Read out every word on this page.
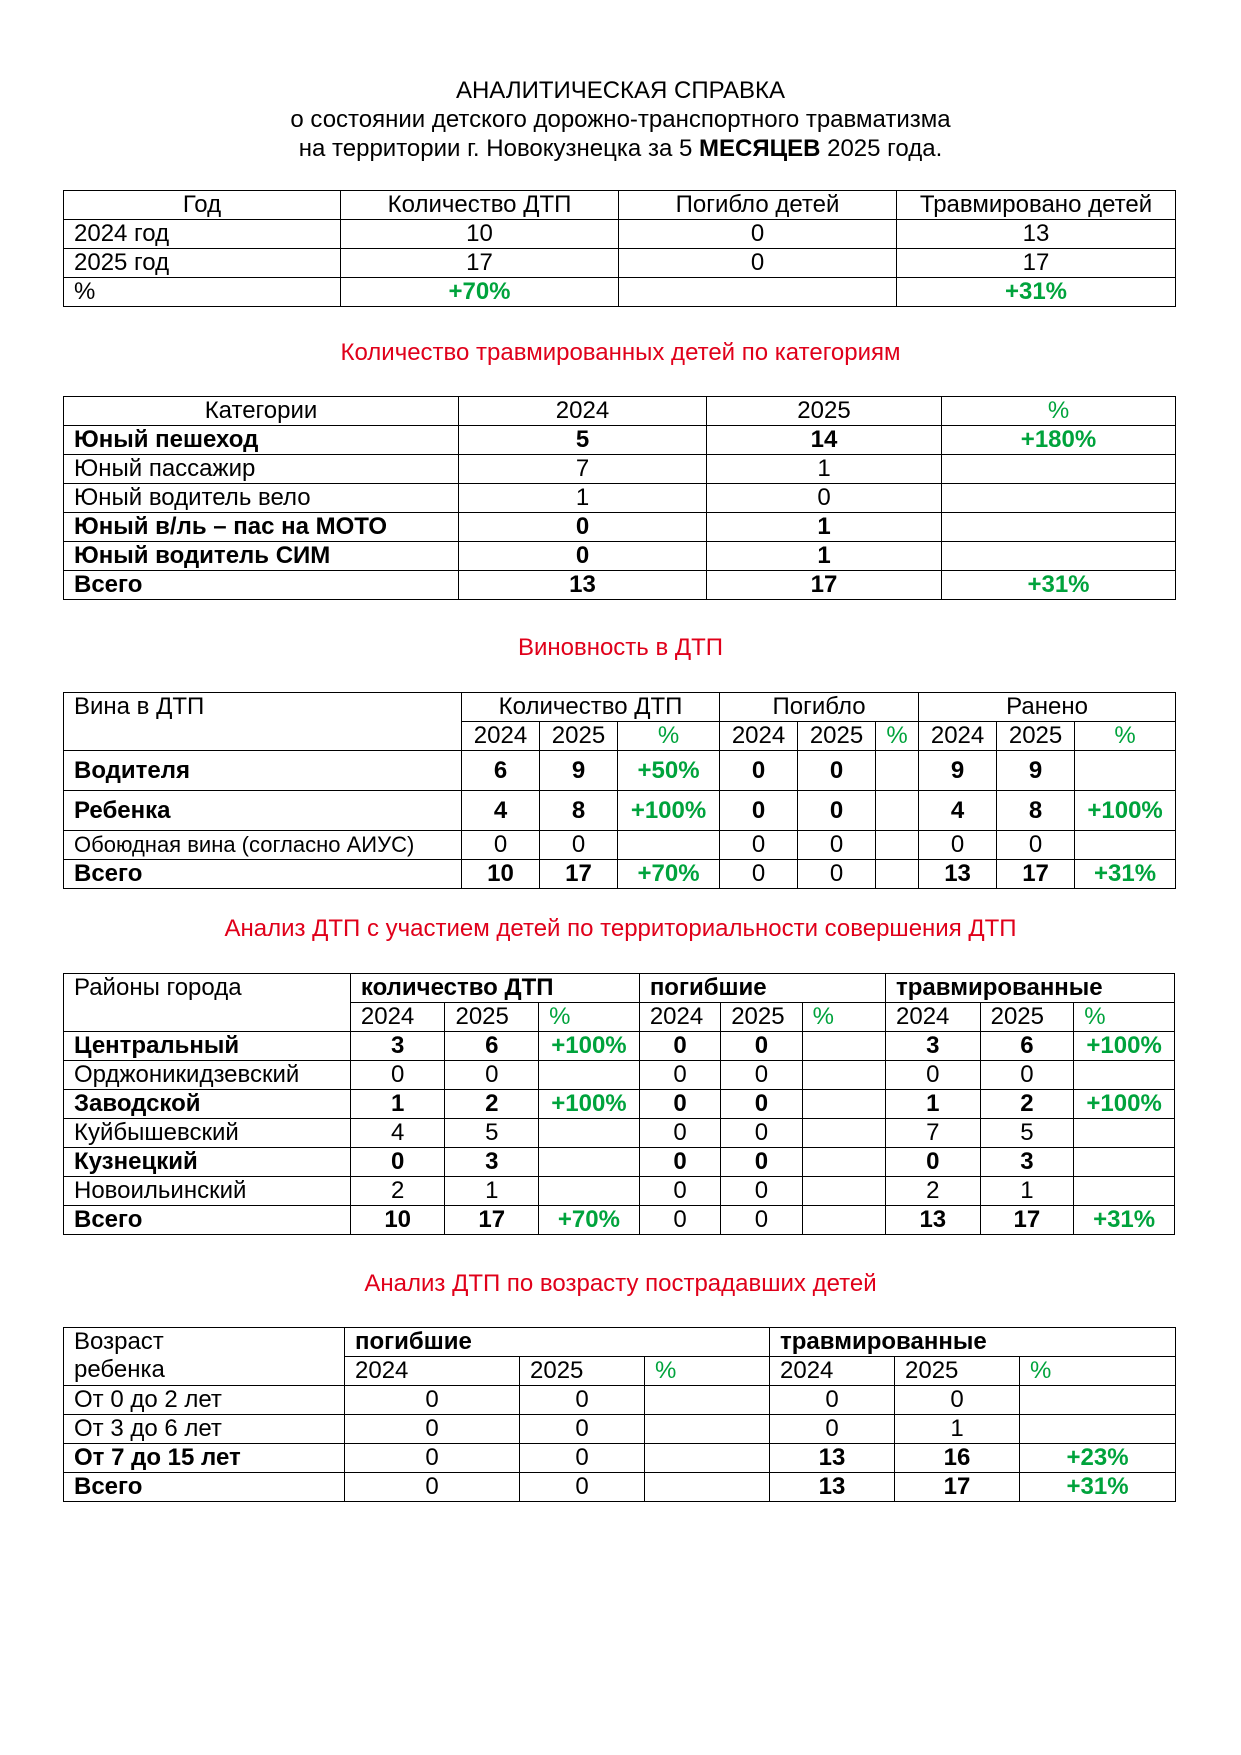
АНАЛИТИЧЕСКАЯ СПРАВКА
о состоянии детского дорожно-транспортного травматизма
на территории г. Новокузнецка за 5 МЕСЯЦЕВ 2025 года.
Год	Количество ДТП	Погибло детей	Травмировано детей
2024 год	10	0	13
2025 год	17	0	17
%	+70%		+31%
Количество травмированных детей по категориям
Категории	2024	2025	%
Юный пешеход	5	14	+180%
Юный пассажир	7	1	
Юный водитель вело	1	0	
Юный в/ль – пас на МОТО	0	1	
Юный водитель СИМ	0	1	
Всего	13	17	+31%
Виновность в ДТП
Вина в ДТП	Количество ДТП			Погибло			Ранено		
	2024	2025	%	2024	2025	%	2024	2025	%
Водителя	6	9	+50%	0	0		9	9	
Ребенка	4	8	+100%	0	0		4	8	+100%
Обоюдная вина (согласно АИУС)	0	0		0	0		0	0	
Всего	10	17	+70%	0	0		13	17	+31%
Анализ ДТП с участием детей по территориальности совершения ДТП
Районы города	количество ДТП			погибшие			травмированные		
	2024	2025	%	2024	2025	%	2024	2025	%
Центральный	3	6	+100%	0	0		3	6	+100%
Орджоникидзевский	0	0		0	0		0	0	
Заводской	1	2	+100%	0	0		1	2	+100%
Куйбышевский	4	5		0	0		7	5	
Кузнецкий	0	3		0	0		0	3	
Новоильинский	2	1		0	0		2	1	
Всего	10	17	+70%	0	0		13	17	+31%
Анализ ДТП по возрасту пострадавших детей
Возраст
ребенка	погибшие			травмированные		
	2024	2025	%	2024	2025	%
От 0 до 2 лет	0	0		0	0	
От 3 до 6 лет	0	0		0	1	
От 7 до 15 лет	0	0		13	16	+23%
Всего	0	0		13	17	+31%
